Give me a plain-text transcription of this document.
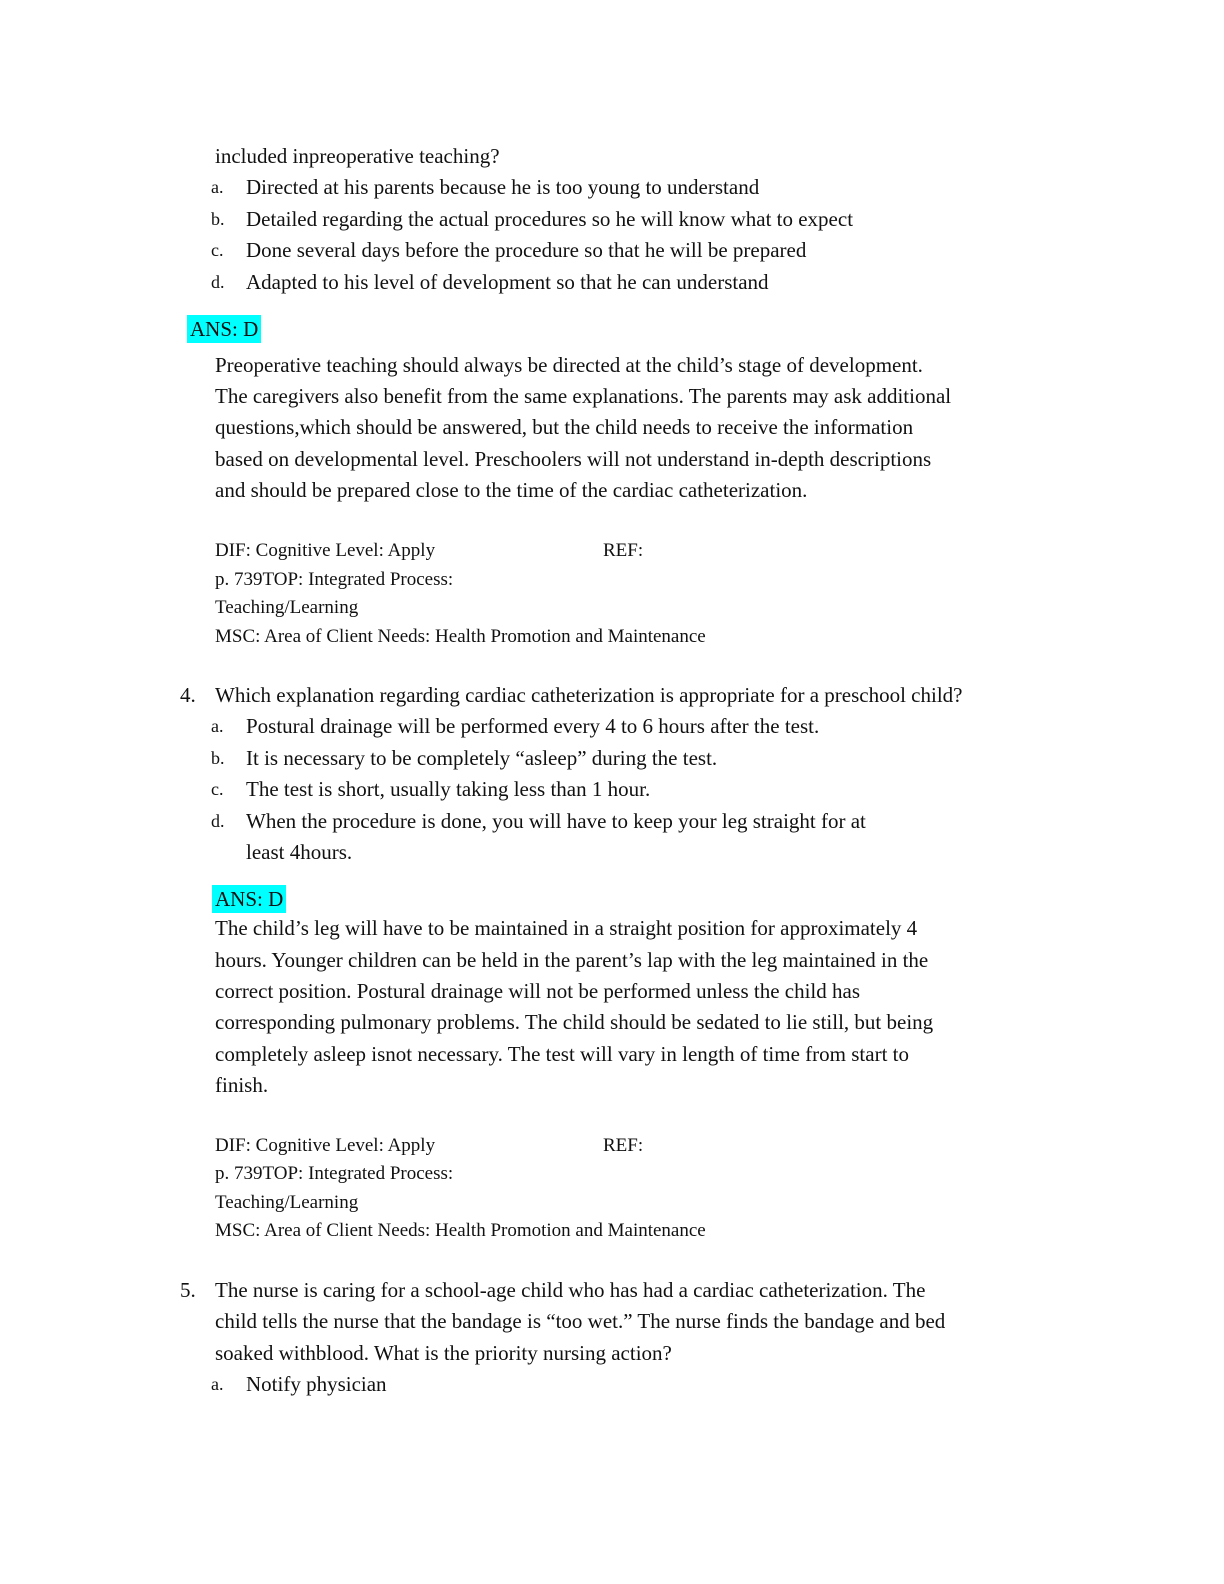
included inpreoperative teaching?
a. Directed at his parents because he is too young to understand
b. Detailed regarding the actual procedures so he will know what to expect
c. Done several days before the procedure so that he will be prepared
d. Adapted to his level of development so that he can understand
ANS: D
Preoperative teaching should always be directed at the child’s stage of development.
The caregivers also benefit from the same explanations. The parents may ask additional
questions,which should be answered, but the child needs to receive the information
based on developmental level. Preschoolers will not understand in-depth descriptions
and should be prepared close to the time of the cardiac catheterization.
DIF: Cognitive Level: Apply	REF:
p. 739TOP: Integrated Process:
Teaching/Learning
MSC: Area of Client Needs: Health Promotion and Maintenance
4. Which explanation regarding cardiac catheterization is appropriate for a preschool child?
a. Postural drainage will be performed every 4 to 6 hours after the test.
b. It is necessary to be completely “asleep” during the test.
c. The test is short, usually taking less than 1 hour.
d. When the procedure is done, you will have to keep your leg straight for at
least 4hours.
ANS: D
The child’s leg will have to be maintained in a straight position for approximately 4
hours. Younger children can be held in the parent’s lap with the leg maintained in the
correct position. Postural drainage will not be performed unless the child has
corresponding pulmonary problems. The child should be sedated to lie still, but being
completely asleep isnot necessary. The test will vary in length of time from start to
finish.
DIF: Cognitive Level: Apply	REF:
p. 739TOP: Integrated Process:
Teaching/Learning
MSC: Area of Client Needs: Health Promotion and Maintenance
5. The nurse is caring for a school-age child who has had a cardiac catheterization. The
child tells the nurse that the bandage is “too wet.” The nurse finds the bandage and bed
soaked withblood. What is the priority nursing action?
a. Notify physician
